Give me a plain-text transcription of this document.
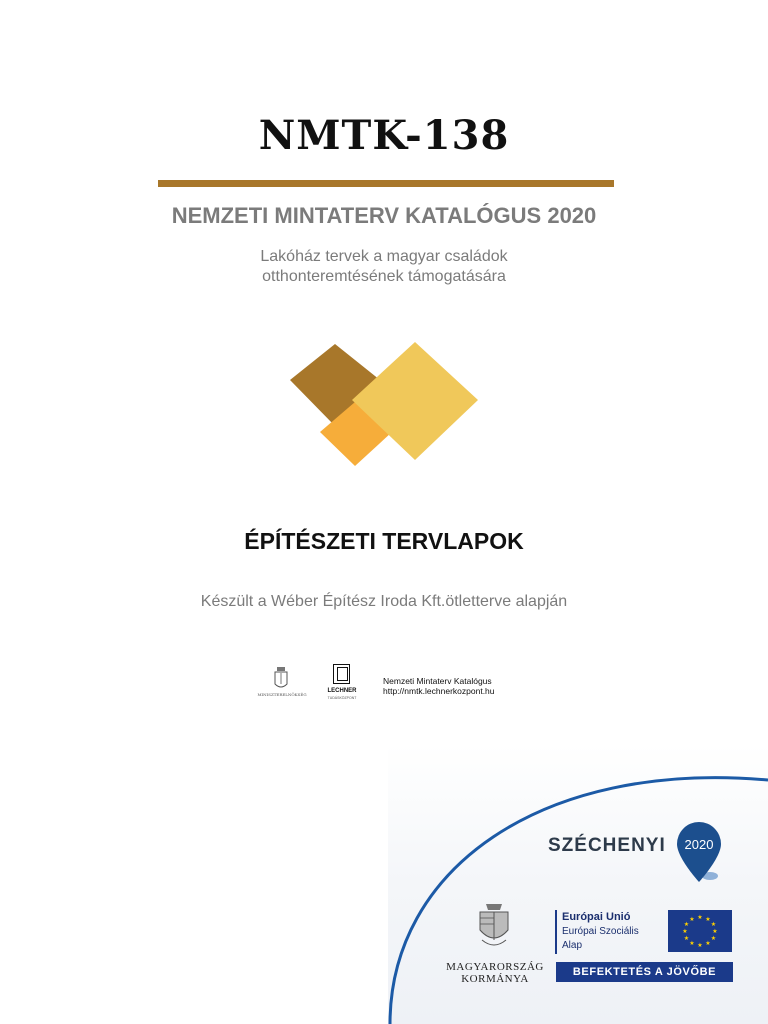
NMTK-138
NEMZETI MINTATERV KATALÓGUS 2020
Lakóház tervek a magyar családok
otthonteremtésének támogatására
ÉPÍTÉSZETI TERVLAPOK
Készült a Wéber Építész Iroda Kft.ötletterve alapján
MINISZTERELNÖKSÉG
LECHNER
TUDÁSKÖZPONT
Nemzeti Mintaterv Katalógus
http://nmtk.lechnerkozpont.hu
SZÉCHENYI 2020
MAGYARORSZÁG
KORMÁNYA
Európai Unió
Európai Szociális
Alap
★ ★
★
★
★
★
★
★
★
★
★
★
BEFEKTETÉS A JÖVŐBE
